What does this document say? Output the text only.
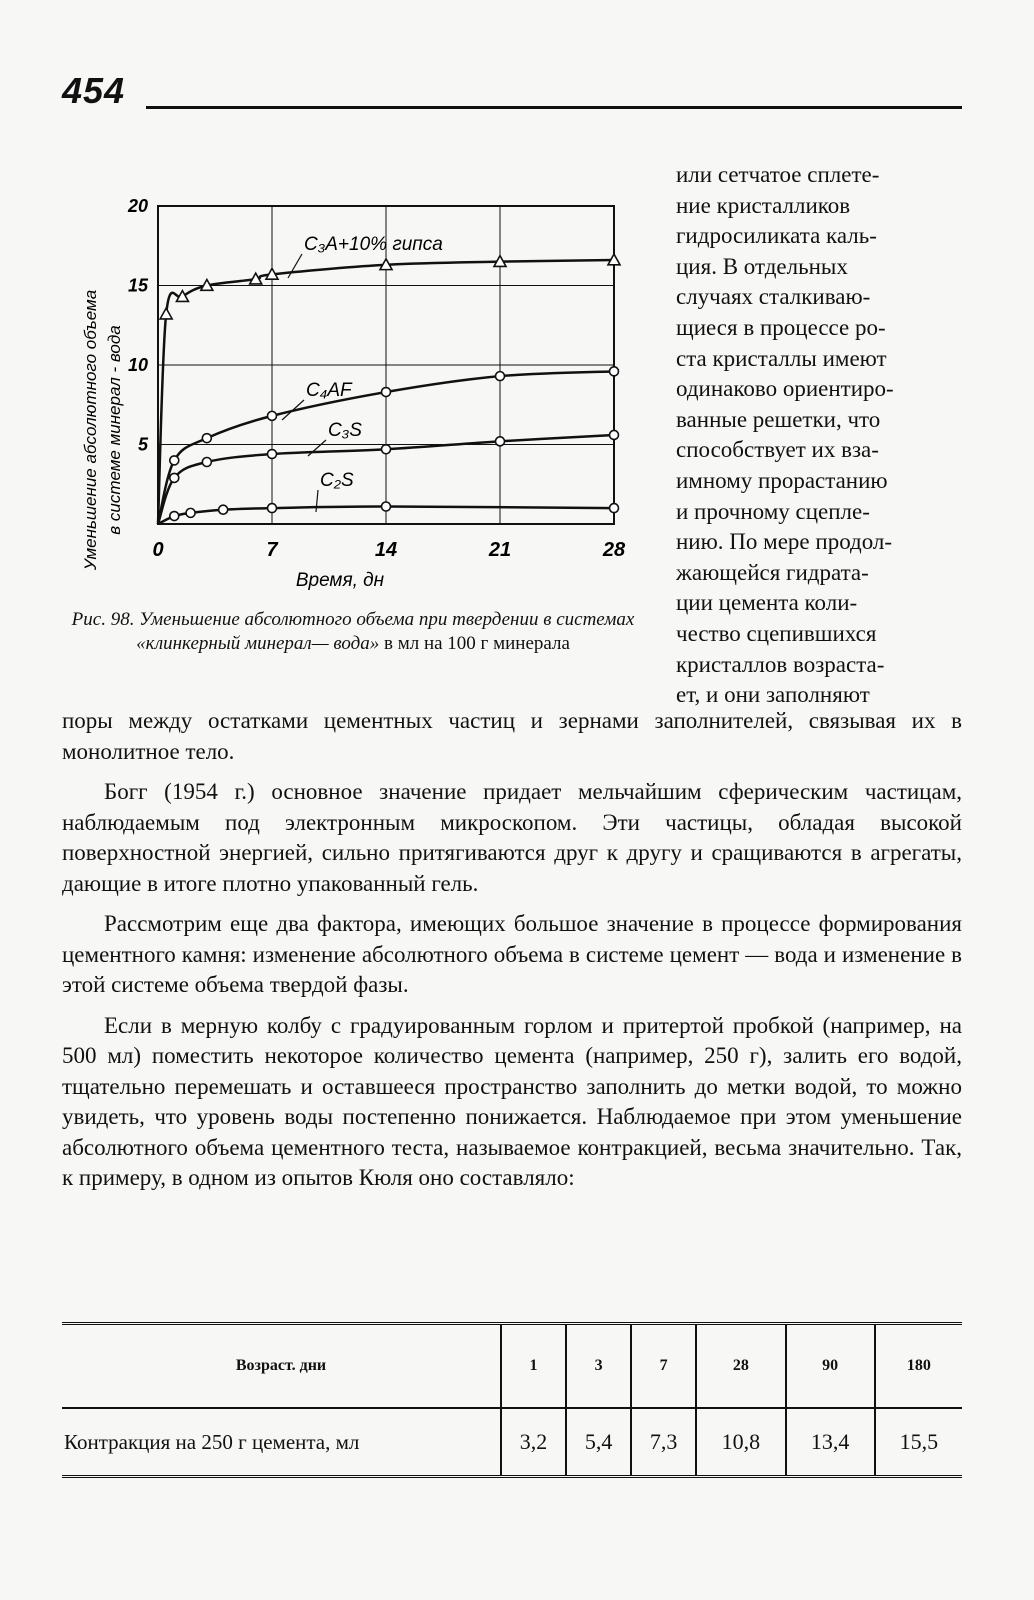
454
C₃A+10% гипса
C₄AF
C₃S
C₂S
0	7	14	21	28
5
10
15
20
Уменьшение абсолютного объема в системе минерал - вода
Время, дн
Рис. 98. Уменьшение абсолютного объема при твердении в системах «клинкерный минерал— вода» в мл на 100 г минерала
или сетчатое сплете-
ние кристалликов
гидросиликата каль-
ция. В отдельных
случаях сталкиваю-
щиеся в процессе ро-
ста кристаллы имеют
одинаково ориентиро-
ванные решетки, что
способствует их вза-
имному прорастанию
и прочному сцепле-
нию. По мере продол-
жающейся гидрата-
ции цемента коли-
чество сцепившихся
кристаллов возраста-
ет, и они заполняют

поры между остатками цементных частиц и зернами заполнителей, связывая их в монолитное тело.

Богг (1954 г.) основное значение придает мельчайшим сферическим частицам, наблюдаемым под электронным микроскопом. Эти частицы, обладая высокой поверхностной энергией, сильно притягиваются друг к другу и сращиваются в агрегаты, дающие в итоге плотно упакованный гель.

Рассмотрим еще два фактора, имеющих большое значение в процессе формирования цементного камня: изменение абсолютного объема в системе цемент — вода и изменение в этой системе объема твердой фазы.

Если в мерную колбу с градуированным горлом и притертой пробкой (например, на 500 мл) поместить некоторое количество цемента (например, 250 г), залить его водой, тщательно перемешать и оставшееся пространство заполнить до метки водой, то можно увидеть, что уровень воды постепенно понижается. Наблюдаемое при этом уменьшение абсолютного объема цементного теста, называемое контракцией, весьма значительно. Так, к примеру, в одном из опытов Кюля оно составляло:

Возраст. дни	1	3	7	28	90	180
Контракция на 250 г цемента, мл	3,2	5,4	7,3	10,8	13,4	15,5
